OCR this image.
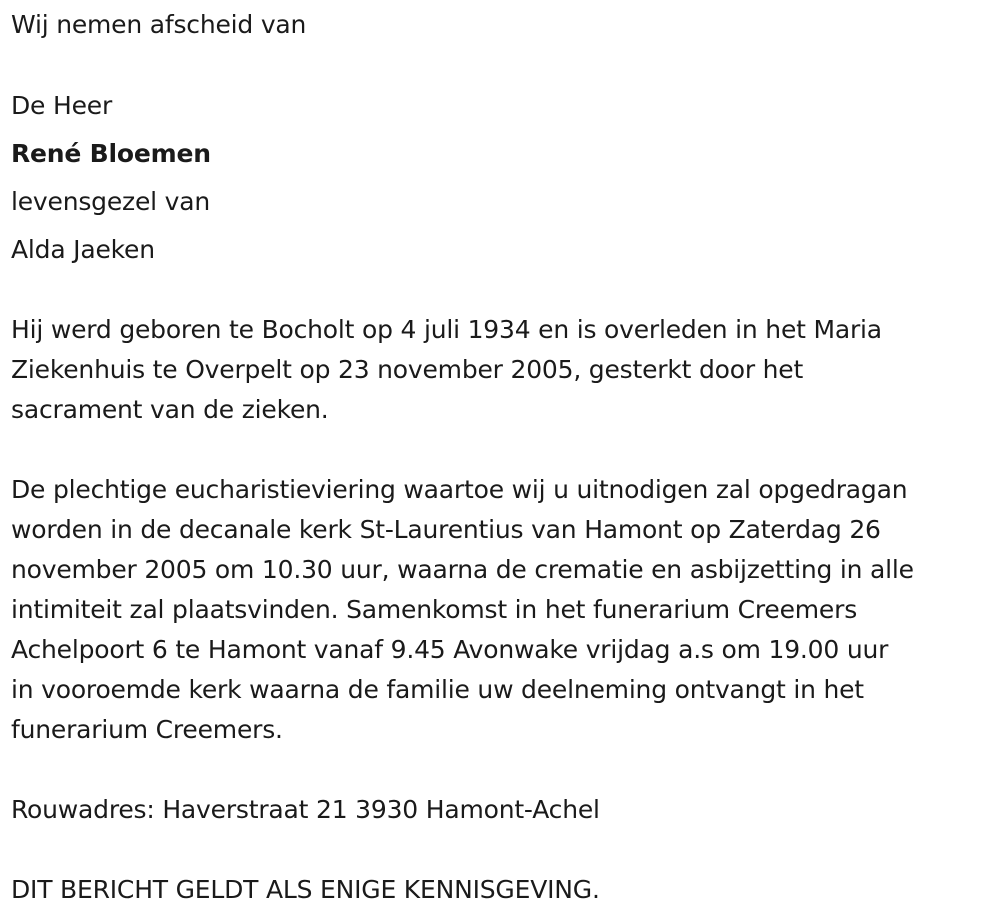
Wij nemen afscheid van
De Heer
René Bloemen
levensgezel van
Alda Jaeken
Hij werd geboren te Bocholt op 4 juli 1934 en is overleden in het Maria
Ziekenhuis te Overpelt op 23 november 2005, gesterkt door het
sacrament van de zieken.
De plechtige eucharistieviering waartoe wij u uitnodigen zal opgedragan
worden in de decanale kerk St-Laurentius van Hamont op Zaterdag 26
november 2005 om 10.30 uur, waarna de crematie en asbijzetting in alle
intimiteit zal plaatsvinden. Samenkomst in het funerarium Creemers
Achelpoort 6 te Hamont vanaf 9.45 Avonwake vrijdag a.s om 19.00 uur
in vooroemde kerk waarna de familie uw deelneming ontvangt in het
funerarium Creemers.
Rouwadres: Haverstraat 21 3930 Hamont-Achel
DIT BERICHT GELDT ALS ENIGE KENNISGEVING.
